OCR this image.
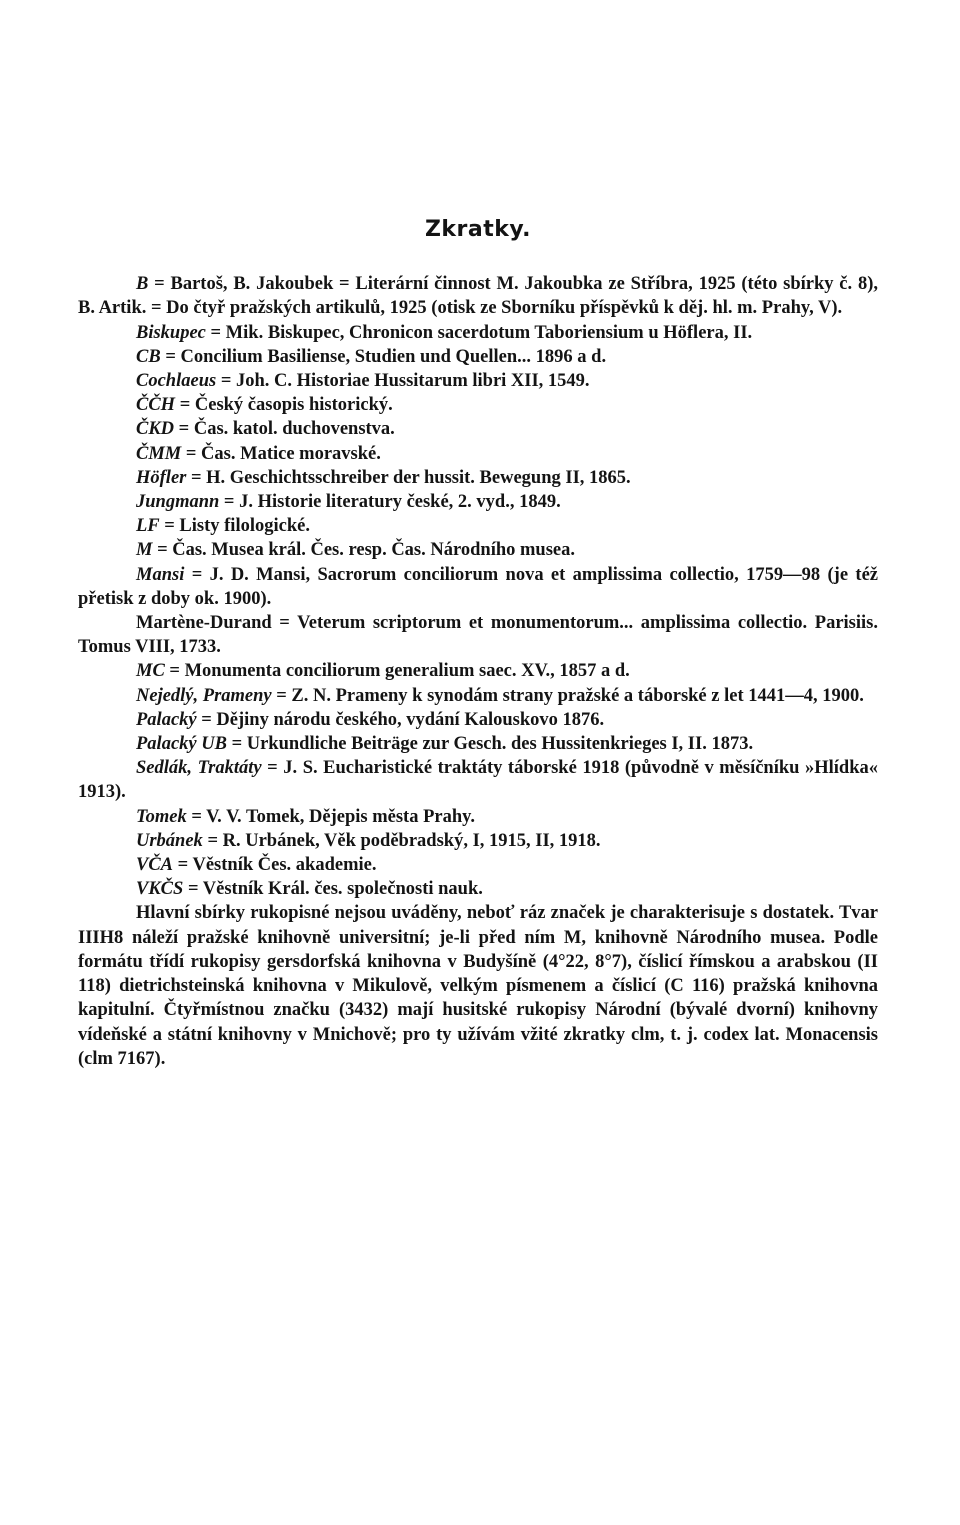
Zkratky.

B = Bartoš, B. Jakoubek = Literární činnost M. Jakoubka ze Stříbra, 1925 (této sbírky č. 8), B. Artik. = Do čtyř pražských artikulů, 1925 (otisk ze Sborníku příspěvků k děj. hl. m. Prahy, V).

Biskupec = Mik. Biskupec, Chronicon sacerdotum Taboriensium u Höflera, II.

CB = Concilium Basiliense, Studien und Quellen... 1896 a d.

Cochlaeus = Joh. C. Historiae Hussitarum libri XII, 1549.

ČČH = Český časopis historický.

ČKD = Čas. katol. duchovenstva.

ČMM = Čas. Matice moravské.

Höfler = H. Geschichtsschreiber der hussit. Bewegung II, 1865.

Jungmann = J. Historie literatury české, 2. vyd., 1849.

LF = Listy filologické.

M = Čas. Musea král. Čes. resp. Čas. Národního musea.

Mansi = J. D. Mansi, Sacrorum conciliorum nova et amplissima collectio, 1759—98 (je též přetisk z doby ok. 1900).

Martène-Durand = Veterum scriptorum et monumentorum... amplissima collectio. Parisiis. Tomus VIII, 1733.

MC = Monumenta conciliorum generalium saec. XV., 1857 a d.

Nejedlý, Prameny = Z. N. Prameny k synodám strany pražské a táborské z let 1441—4, 1900.

Palacký = Dějiny národu českého, vydání Kalouskovo 1876.

Palacký UB = Urkundliche Beiträge zur Gesch. des Hussitenkrieges I, II. 1873.

Sedlák, Traktáty = J. S. Eucharistické traktáty táborské 1918 (původně v měsíčníku »Hlídka« 1913).

Tomek = V. V. Tomek, Dějepis města Prahy.

Urbánek = R. Urbánek, Věk poděbradský, I, 1915, II, 1918.

VČA = Věstník Čes. akademie.

VKČS = Věstník Král. čes. společnosti nauk.

Hlavní sbírky rukopisné nejsou uváděny, neboť ráz značek je charakterisuje s dostatek. Tvar IIIH8 náleží pražské knihovně universitní; je-li před ním M, knihovně Národního musea. Podle formátu třídí rukopisy gersdorfská knihovna v Budyšíně (4°22, 8°7), číslicí římskou a arabskou (II 118) dietrichsteinská knihovna v Mikulově, velkým písmenem a číslicí (C 116) pražská knihovna kapitulní. Čtyřmístnou značku (3432) mají husitské rukopisy Národní (bývalé dvorní) knihovny vídeňské a státní knihovny v Mnichově; pro ty užívám vžité zkratky clm, t. j. codex lat. Monacensis (clm 7167).
